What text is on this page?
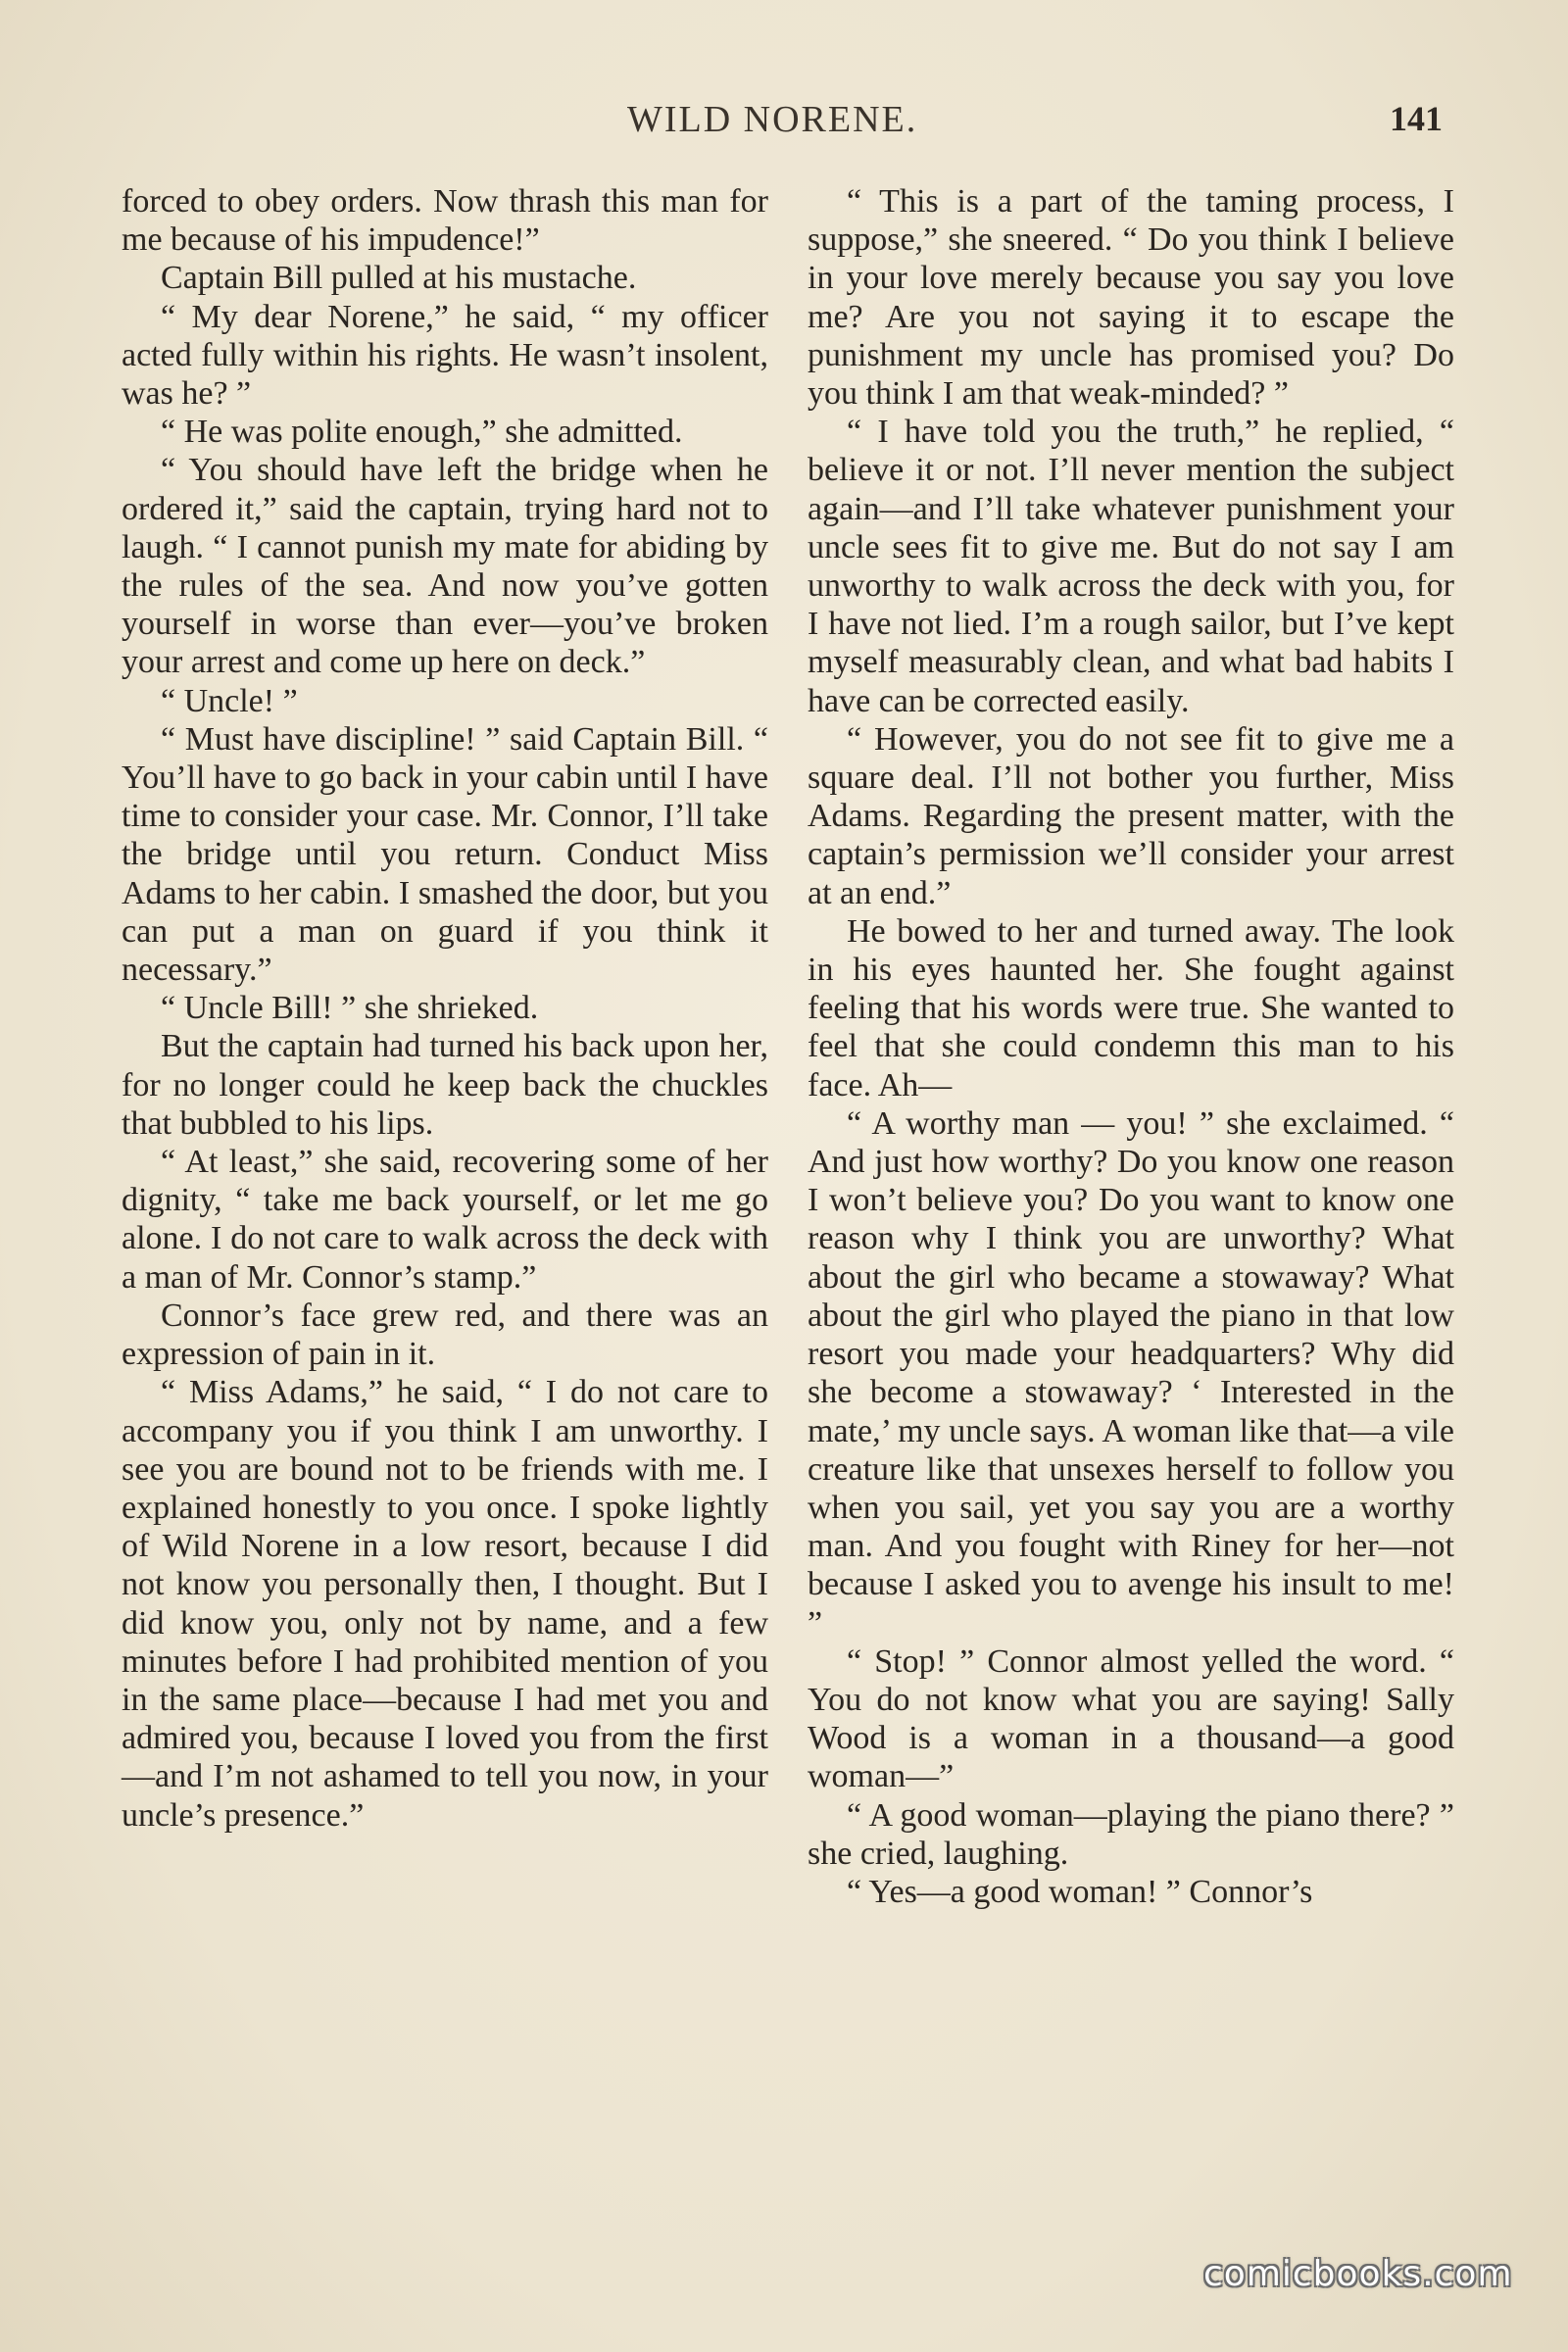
WILD NORENE.	141

forced to obey orders. Now thrash this man for me because of his impudence!”

Captain Bill pulled at his mustache.

“ My dear Norene,” he said, “ my officer acted fully within his rights. He wasn’t insolent, was he? ”

“ He was polite enough,” she admitted.

“ You should have left the bridge when he ordered it,” said the captain, trying hard not to laugh. “ I cannot punish my mate for abiding by the rules of the sea. And now you’ve gotten yourself in worse than ever—you’ve broken your arrest and come up here on deck.”

“ Uncle! ”

“ Must have discipline! ” said Captain Bill. “ You’ll have to go back in your cabin until I have time to consider your case. Mr. Connor, I’ll take the bridge until you return. Conduct Miss Adams to her cabin. I smashed the door, but you can put a man on guard if you think it necessary.”

“ Uncle Bill! ” she shrieked.

But the captain had turned his back upon her, for no longer could he keep back the chuckles that bubbled to his lips.

“ At least,” she said, recovering some of her dignity, “ take me back yourself, or let me go alone. I do not care to walk across the deck with a man of Mr. Connor’s stamp.”

Connor’s face grew red, and there was an expression of pain in it.

“ Miss Adams,” he said, “ I do not care to accompany you if you think I am unworthy. I see you are bound not to be friends with me. I explained honestly to you once. I spoke lightly of Wild Norene in a low resort, because I did not know you personally then, I thought. But I did know you, only not by name, and a few minutes before I had prohibited mention of you in the same place—because I had met you and admired you, because I loved you from the first—and I’m not ashamed to tell you now, in your uncle’s presence.”

“ This is a part of the taming process, I suppose,” she sneered. “ Do you think I believe in your love merely because you say you love me? Are you not saying it to escape the punishment my uncle has promised you? Do you think I am that weak-minded? ”

“ I have told you the truth,” he replied, “ believe it or not. I’ll never mention the subject again—and I’ll take whatever punishment your uncle sees fit to give me. But do not say I am unworthy to walk across the deck with you, for I have not lied. I’m a rough sailor, but I’ve kept myself measurably clean, and what bad habits I have can be corrected easily.

“ However, you do not see fit to give me a square deal. I’ll not bother you further, Miss Adams. Regarding the present matter, with the captain’s permission we’ll consider your arrest at an end.”

He bowed to her and turned away. The look in his eyes haunted her. She fought against feeling that his words were true. She wanted to feel that she could condemn this man to his face. Ah—

“ A worthy man — you! ” she exclaimed. “ And just how worthy? Do you know one reason I won’t believe you? Do you want to know one reason why I think you are unworthy? What about the girl who became a stowaway? What about the girl who played the piano in that low resort you made your headquarters? Why did she become a stowaway? ‘ Interested in the mate,’ my uncle says. A woman like that—a vile creature like that unsexes herself to follow you when you sail, yet you say you are a worthy man. And you fought with Riney for her—not because I asked you to avenge his insult to me! ”

“ Stop! ” Connor almost yelled the word. “ You do not know what you are saying! Sally Wood is a woman in a thousand—a good woman—”

“ A good woman—playing the piano there? ” she cried, laughing.

“ Yes—a good woman! ” Connor’s

comicbooks.com
